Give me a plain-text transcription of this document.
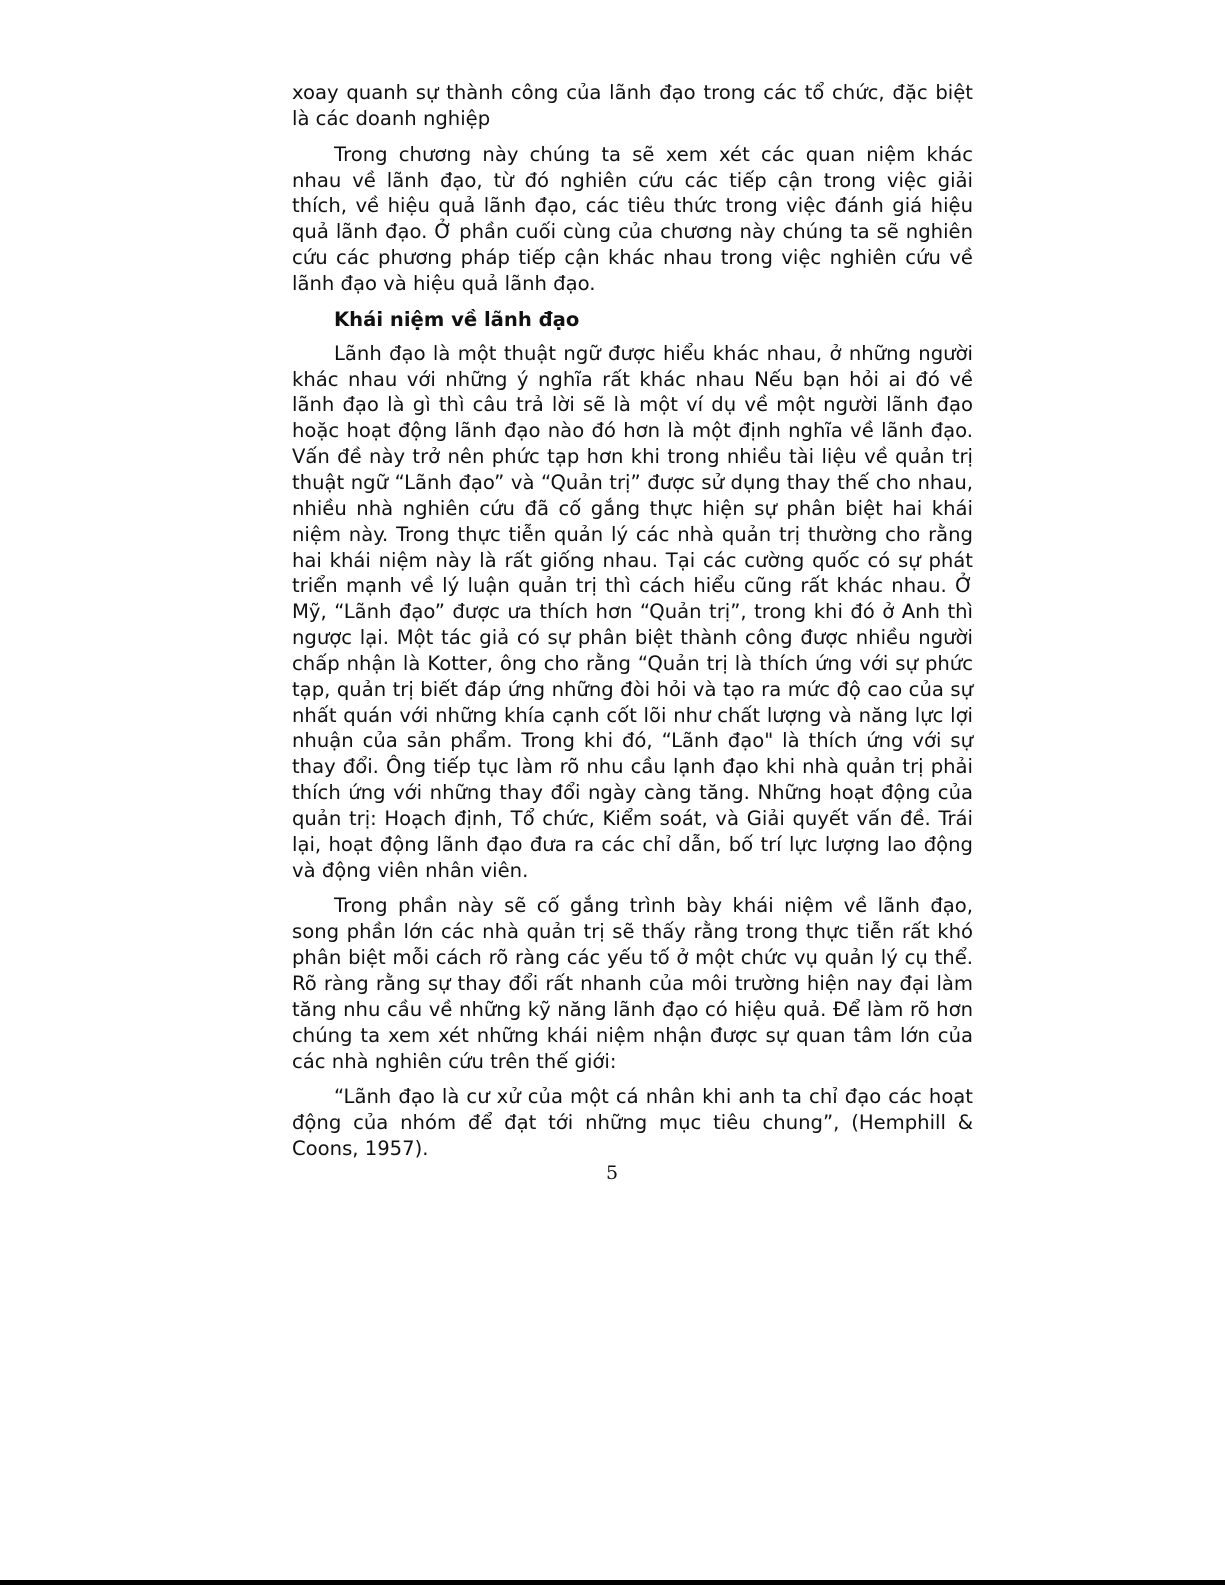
xoay quanh sự thành công của lãnh đạo trong các tổ chức, đặc biệt là các doanh nghiệp

Trong chương này chúng ta sẽ xem xét các quan niệm khác nhau về lãnh đạo, từ đó nghiên cứu các tiếp cận trong việc giải thích, về hiệu quả lãnh đạo, các tiêu thức trong việc đánh giá hiệu quả lãnh đạo. Ở phần cuối cùng của chương này chúng ta sẽ nghiên cứu các phương pháp tiếp cận khác nhau trong việc nghiên cứu về lãnh đạo và hiệu quả lãnh đạo.

Khái niệm về lãnh đạo

Lãnh đạo là một thuật ngữ được hiểu khác nhau, ở những người khác nhau với những ý nghĩa rất khác nhau Nếu bạn hỏi ai đó về lãnh đạo là gì thì câu trả lời sẽ là một ví dụ về một người lãnh đạo hoặc hoạt động lãnh đạo nào đó hơn là một định nghĩa về lãnh đạo. Vấn đề này trở nên phức tạp hơn khi trong nhiều tài liệu về quản trị thuật ngữ “Lãnh đạo” và “Quản trị” được sử dụng thay thế cho nhau, nhiều nhà nghiên cứu đã cố gắng thực hiện sự phân biệt hai khái niệm này. Trong thực tiễn quản lý các nhà quản trị thường cho rằng hai khái niệm này là rất giống nhau. Tại các cường quốc có sự phát triển mạnh về lý luận quản trị thì cách hiểu cũng rất khác nhau. Ở Mỹ, “Lãnh đạo” được ưa thích hơn “Quản trị”, trong khi đó ở Anh thì ngược lại. Một tác giả có sự phân biệt thành công được nhiều người chấp nhận là Kotter, ông cho rằng “Quản trị là thích ứng với sự phức tạp, quản trị biết đáp ứng những đòi hỏi và tạo ra mức độ cao của sự nhất quán với những khía cạnh cốt lõi như chất lượng và năng lực lợi nhuận của sản phẩm. Trong khi đó, “Lãnh đạo" là thích ứng với sự thay đổi. Ông tiếp tục làm rõ nhu cầu lạnh đạo khi nhà quản trị phải thích ứng với những thay đổi ngày càng tăng. Những hoạt động của quản trị: Hoạch định, Tổ chức, Kiểm soát, và Giải quyết vấn đề. Trái lại, hoạt động lãnh đạo đưa ra các chỉ dẫn, bố trí lực lượng lao động và động viên nhân viên.

Trong phần này sẽ cố gắng trình bày khái niệm về lãnh đạo, song phần lớn các nhà quản trị sẽ thấy rằng trong thực tiễn rất khó phân biệt mỗi cách rõ ràng các yếu tố ở một chức vụ quản lý cụ thể. Rõ ràng rằng sự thay đổi rất nhanh của môi trường hiện nay đại làm tăng nhu cầu về những kỹ năng lãnh đạo có hiệu quả. Để làm rõ hơn chúng ta xem xét những khái niệm nhận được sự quan tâm lớn của các nhà nghiên cứu trên thế giới:

“Lãnh đạo là cư xử của một cá nhân khi anh ta chỉ đạo các hoạt động của nhóm để đạt tới những mục tiêu chung”, (Hemphill & Coons, 1957).

5
